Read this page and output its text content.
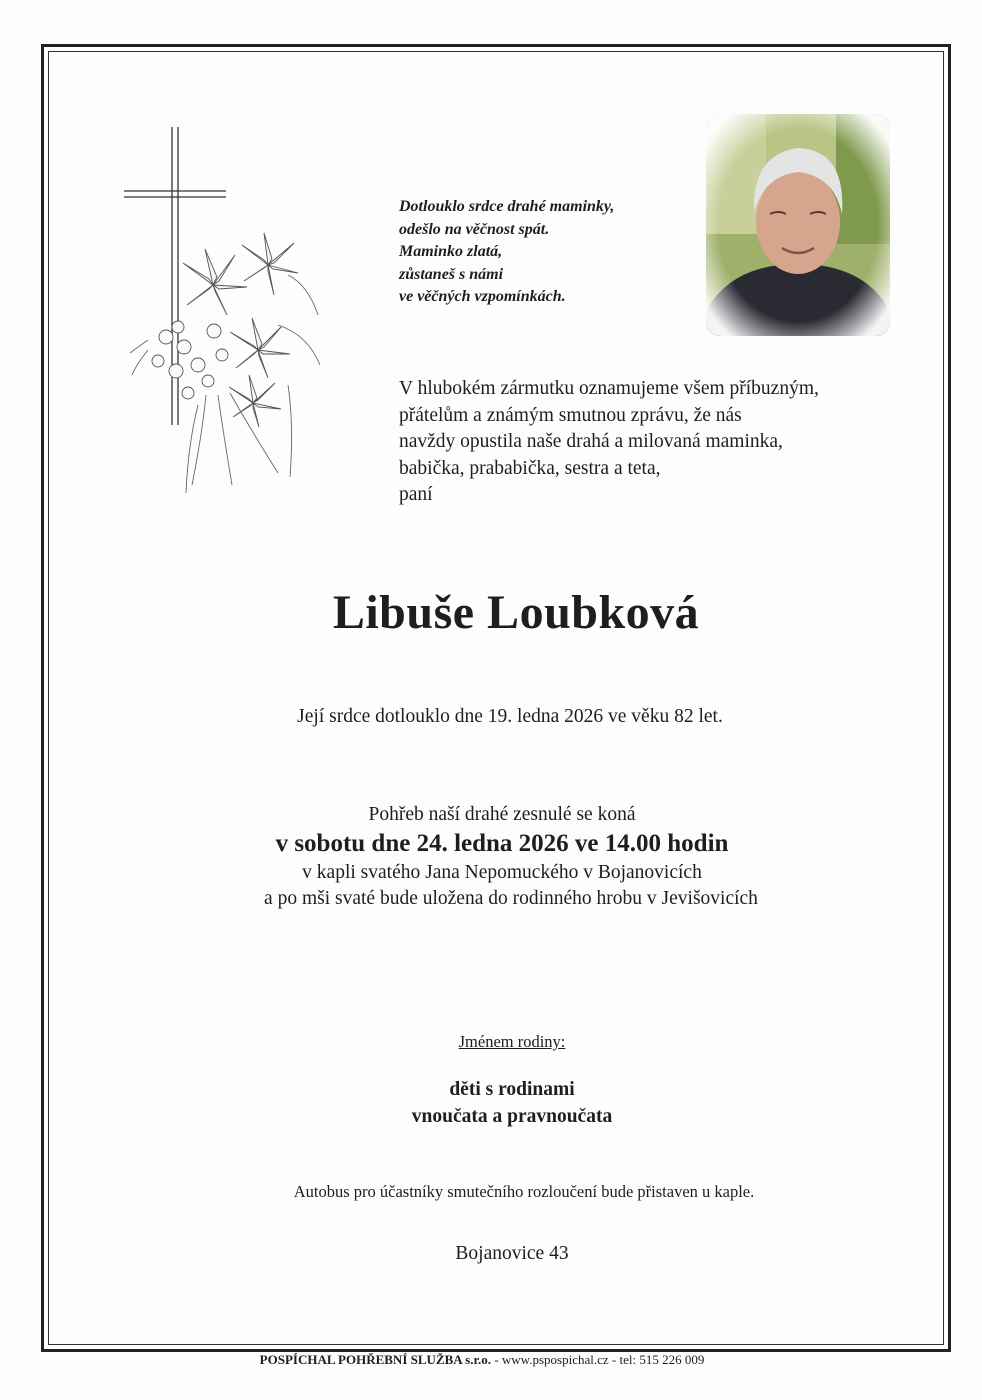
Dotlouklo srdce drahé maminky,
odešlo na věčnost spát.
Maminko zlatá,
zůstaneš s námi
ve věčných vzpomínkách.
V hlubokém zármutku oznamujeme všem příbuzným,
přátelům a známým smutnou zprávu, že nás
navždy opustila naše drahá a milovaná maminka,
babička, prababička, sestra a teta,
paní
Libuše Loubková
Její srdce dotlouklo dne 19. ledna 2026 ve věku 82 let.
Pohřeb naší drahé zesnulé se koná
v sobotu dne 24. ledna 2026 ve 14.00 hodin
v kapli svatého Jana Nepomuckého v Bojanovicích
a po mši svaté bude uložena do rodinného hrobu v Jevišovicích
Jménem rodiny:
děti s rodinami
vnoučata a pravnoučata
Autobus pro účastníky smutečního rozloučení bude přistaven u kaple.
Bojanovice 43
POSPÍCHAL POHŘEBNÍ SLUŽBA s.r.o. - www.pspospichal.cz - tel: 515 226 009
